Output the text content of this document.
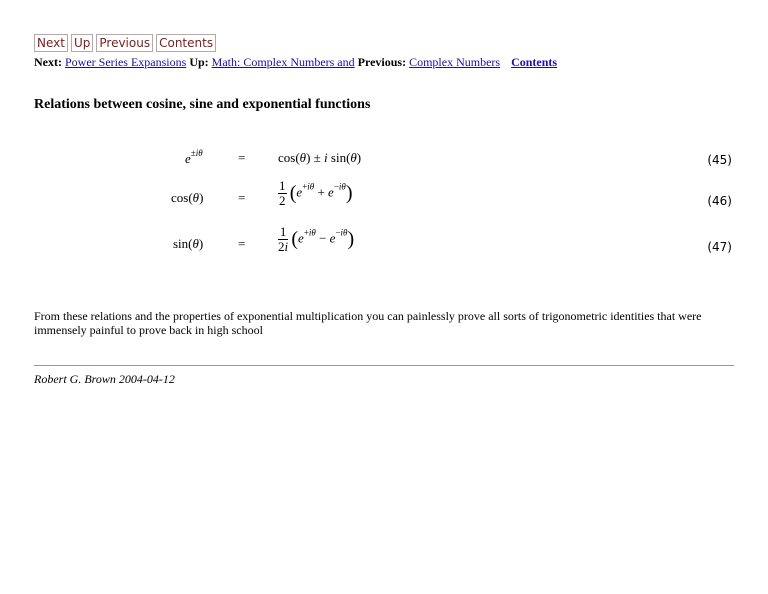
Next Up Previous Contents
Next: Power Series Expansions Up: Math: Complex Numbers and Previous: Complex Numbers Contents
Relations between cosine, sine and exponential functions
$e^{\pm i\theta}$	=	cos(θ) ± i sin(θ)	(45)
cos(θ)	=	$\frac{1}{2} (e^{+i\theta} + e^{-i\theta})$	(46)
sin(θ)	=	$\frac{1}{2i} (e^{+i\theta} - e^{-i\theta})$	(47)

From these relations and the properties of exponential multiplication you can painlessly prove all sorts of trigonometric identities that were immensely painful to prove back in high school

Robert G. Brown 2004-04-12
